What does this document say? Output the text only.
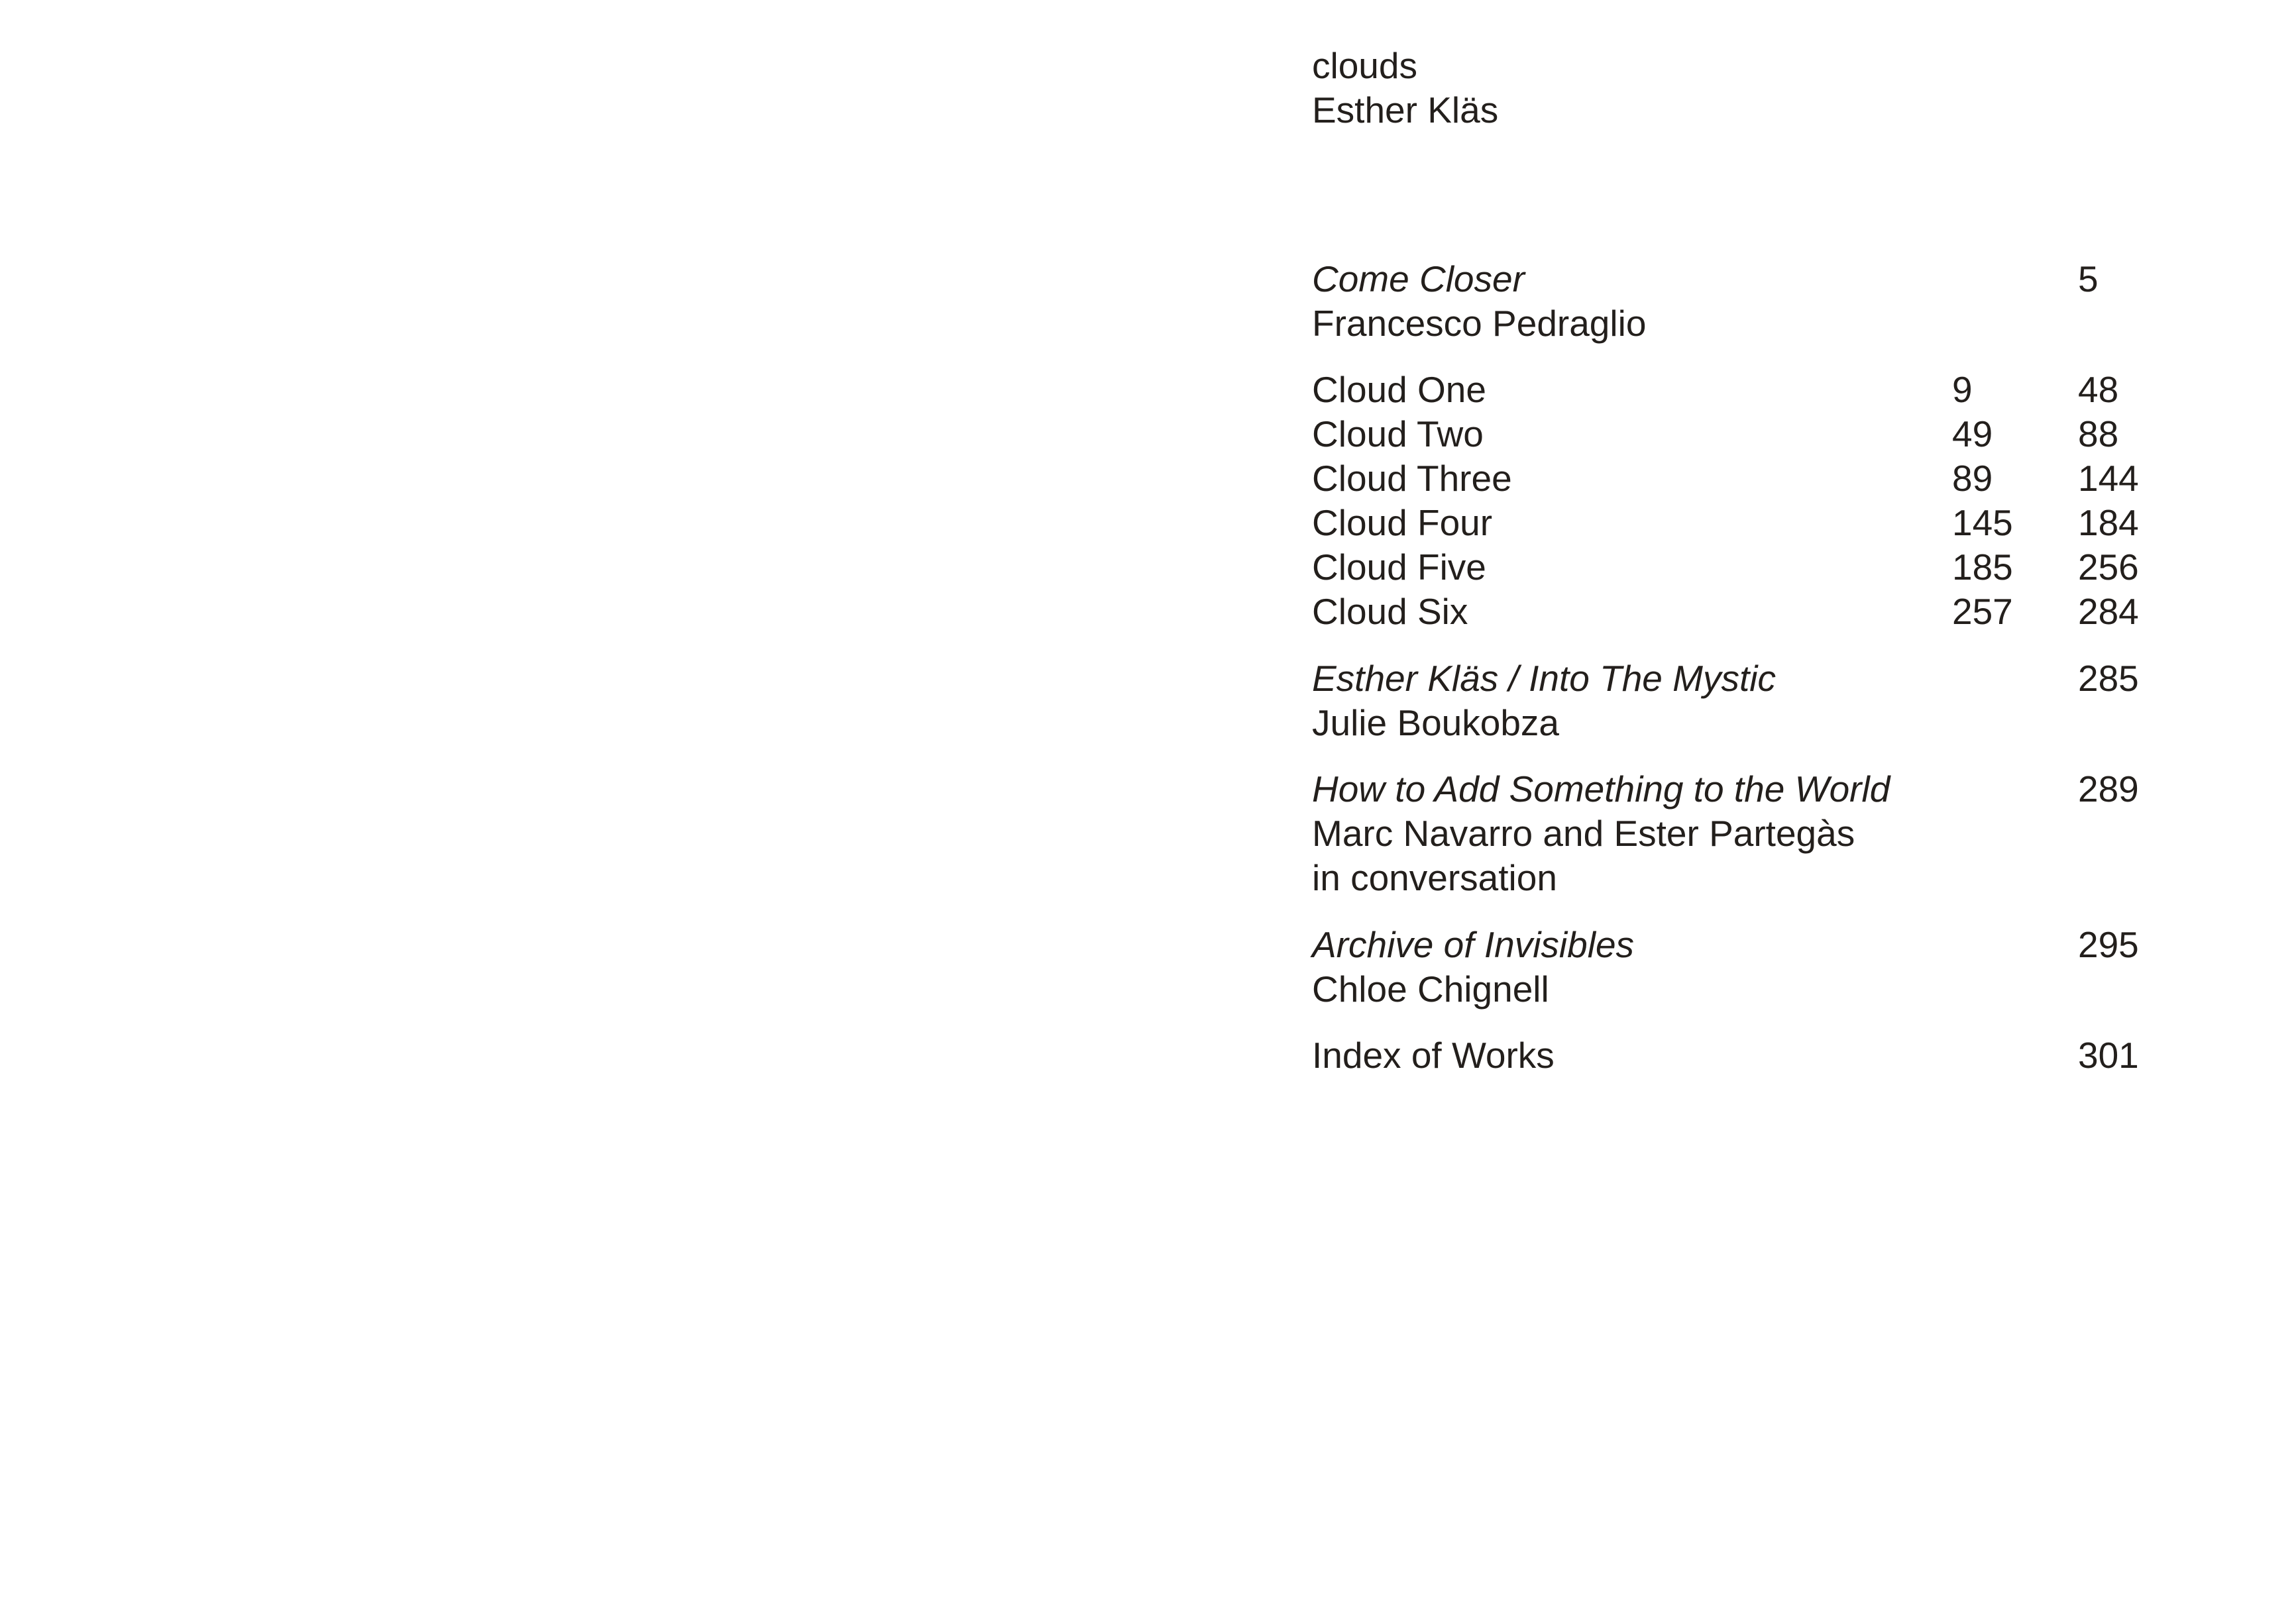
clouds
Esther Kläs
Come Closer	5
Francesco Pedraglio
Cloud One	9	48
Cloud Two	49 88
Cloud Three	89 144
Cloud Four	145 184
Cloud Five	185 256
Cloud Six	257 284
Esther Kläs / Into The Mystic	285
Julie Boukobza
How to Add Something to the World	289
Marc Navarro and Ester Partegàs
in conversation
Archive of Invisibles	295
Chloe Chignell
Index of Works	301
